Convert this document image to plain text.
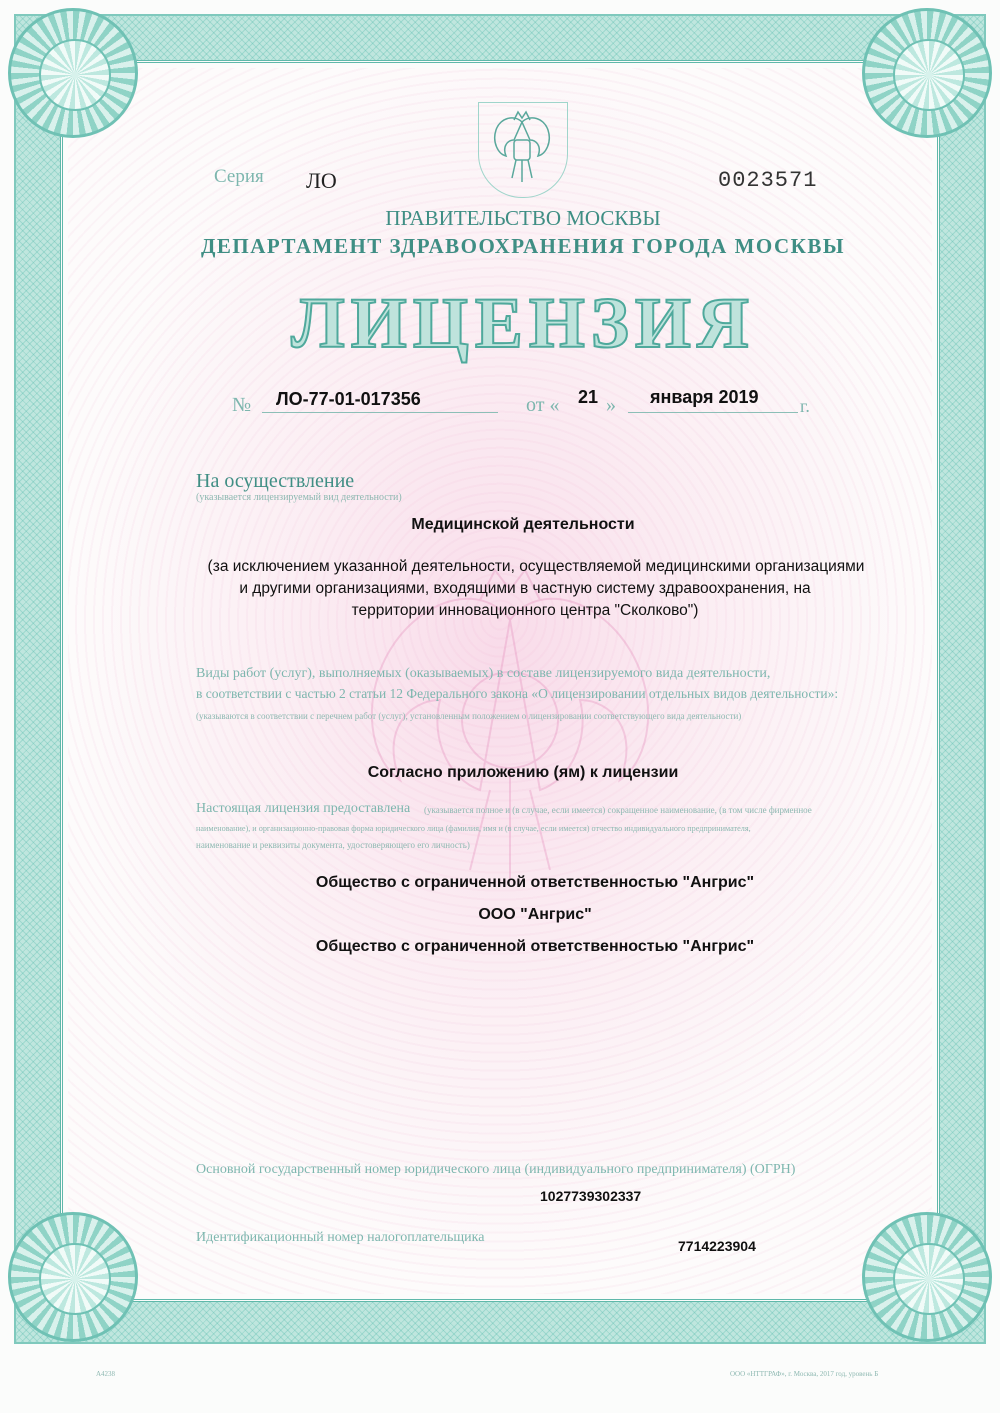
Серия ЛО	0023571
ПРАВИТЕЛЬСТВО МОСКВЫ
ДЕПАРТАМЕНТ ЗДРАВООХРАНЕНИЯ ГОРОДА МОСКВЫ
ЛИЦЕНЗИЯ
№ ЛО-77-01-017356	от « 21 » января 2019 г.
На осуществление
(указывается лицензируемый вид деятельности)
Медицинской деятельности
(за исключением указанной деятельности, осуществляемой медицинскими организациями
и другими организациями, входящими в частную систему здравоохранения, на
территории инновационного центра "Сколково")
Виды работ (услуг), выполняемых (оказываемых) в составе лицензируемого вида деятельности,
в соответствии с частью 2 статьи 12 Федерального закона «О лицензировании отдельных видов деятельности»:
(указываются в соответствии с перечнем работ (услуг), установленным положением о лицензировании соответствующего вида деятельности)
Согласно приложению (ям) к лицензии
Настоящая лицензия предоставлена (указывается полное и (в случае, если имеется) сокращенное наименование, (в том числе фирменное
наименование), и организационно-правовая форма юридического лица (фамилия, имя и (в случае, если имеется) отчество индивидуального предпринимателя,
наименование и реквизиты документа, удостоверяющего его личность)
Общество с ограниченной ответственностью "Ангрис"
ООО "Ангрис"
Общество с ограниченной ответственностью "Ангрис"
Основной государственный номер юридического лица (индивидуального предпринимателя) (ОГРН)
1027739302337
Идентификационный номер налогоплательщика
7714223904
А4238	ООО «НТТГРАФ», г. Москва, 2017 год, уровень Б
